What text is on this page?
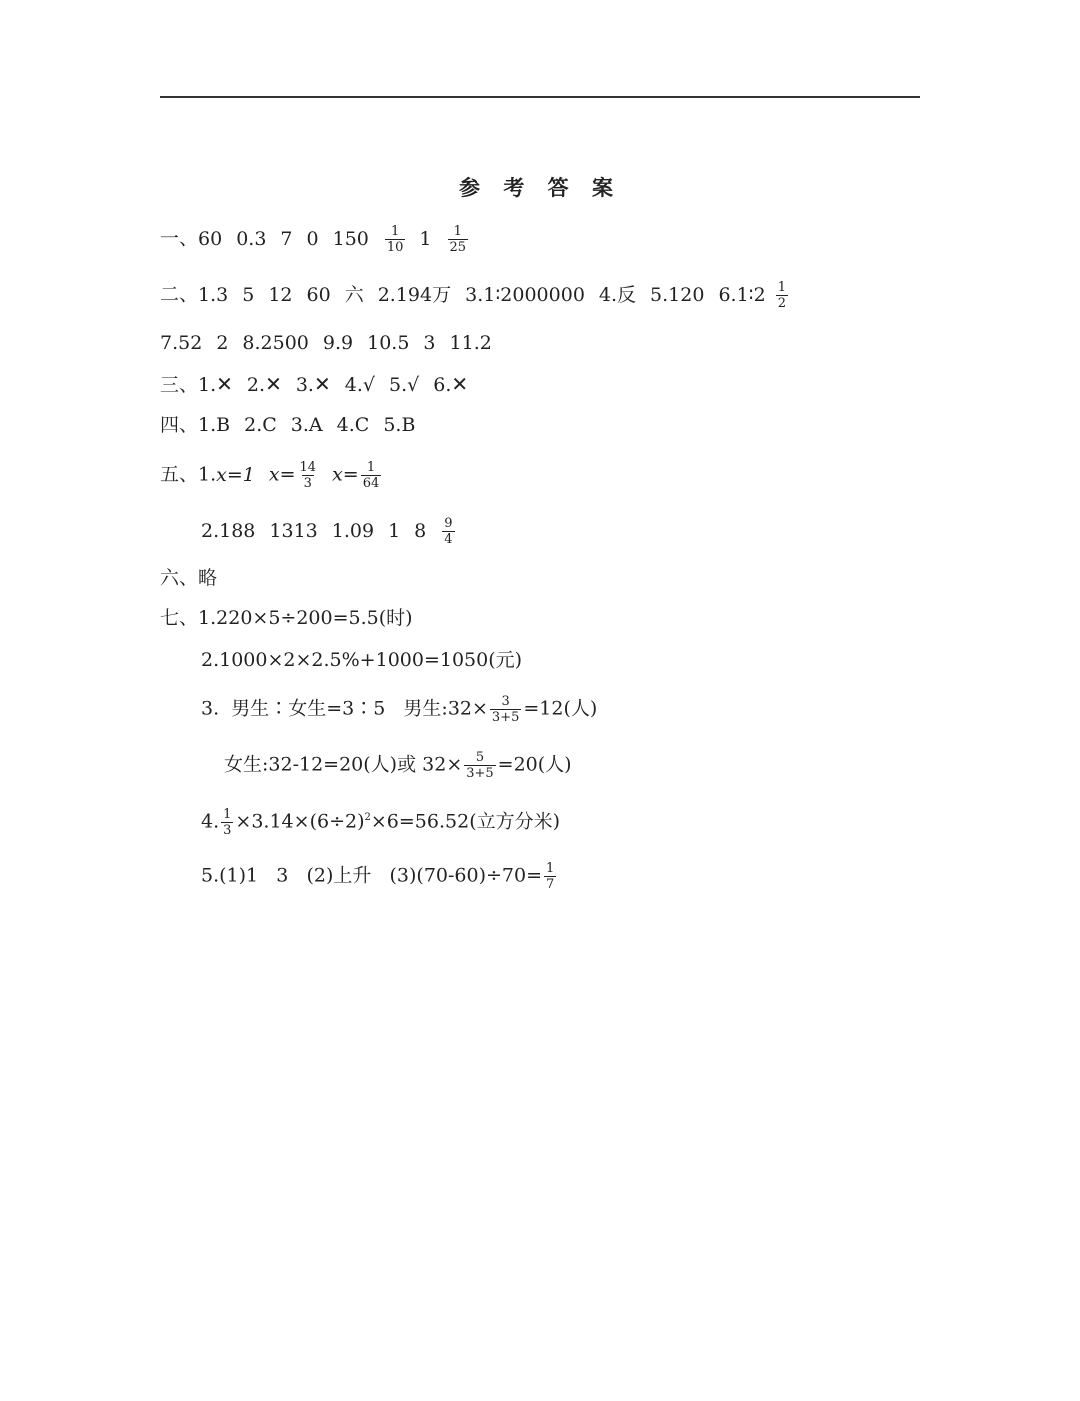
参 考 答 案
一、60 0.3 7 0 $150 \frac{1}{10} 1 \frac{1}{25}$
二、1.3 5 12 60 六 2.194万 3.1∶2000000 4.反 5.120 6.1∶2 $\frac{1}{2}$
7.52 2 8.2500 9.9 10.5 3 11.2
三、1.✕ 2.✕ 3.✕ 4.√ 5.√ 6.✕
四、1.B 2.C 3.A 4.C 5.B
五、1.x=1 $x= \frac{14}{3} x= \frac{1}{64}$
2.188 1313 1.09 1 $8 \frac{9}{4}$
六、略
七、1.220×5÷200=5.5(时)
2.1000×2×2.5%+1000=1050(元)
3.  男生∶女生=3∶5   男生:32× $\frac{3}{3+5} =12$(人)
女生:32-12=20(人)或 $32\times \frac{5}{3+5} =20$(人)
4. $\frac{1}{3} \times 3.14\times(6\div 2)^2\times 6=56.52$(立方分米)
5.(1)1   3   (2)上升   $(3)(70-60)\div 70= \frac{1}{7}$
